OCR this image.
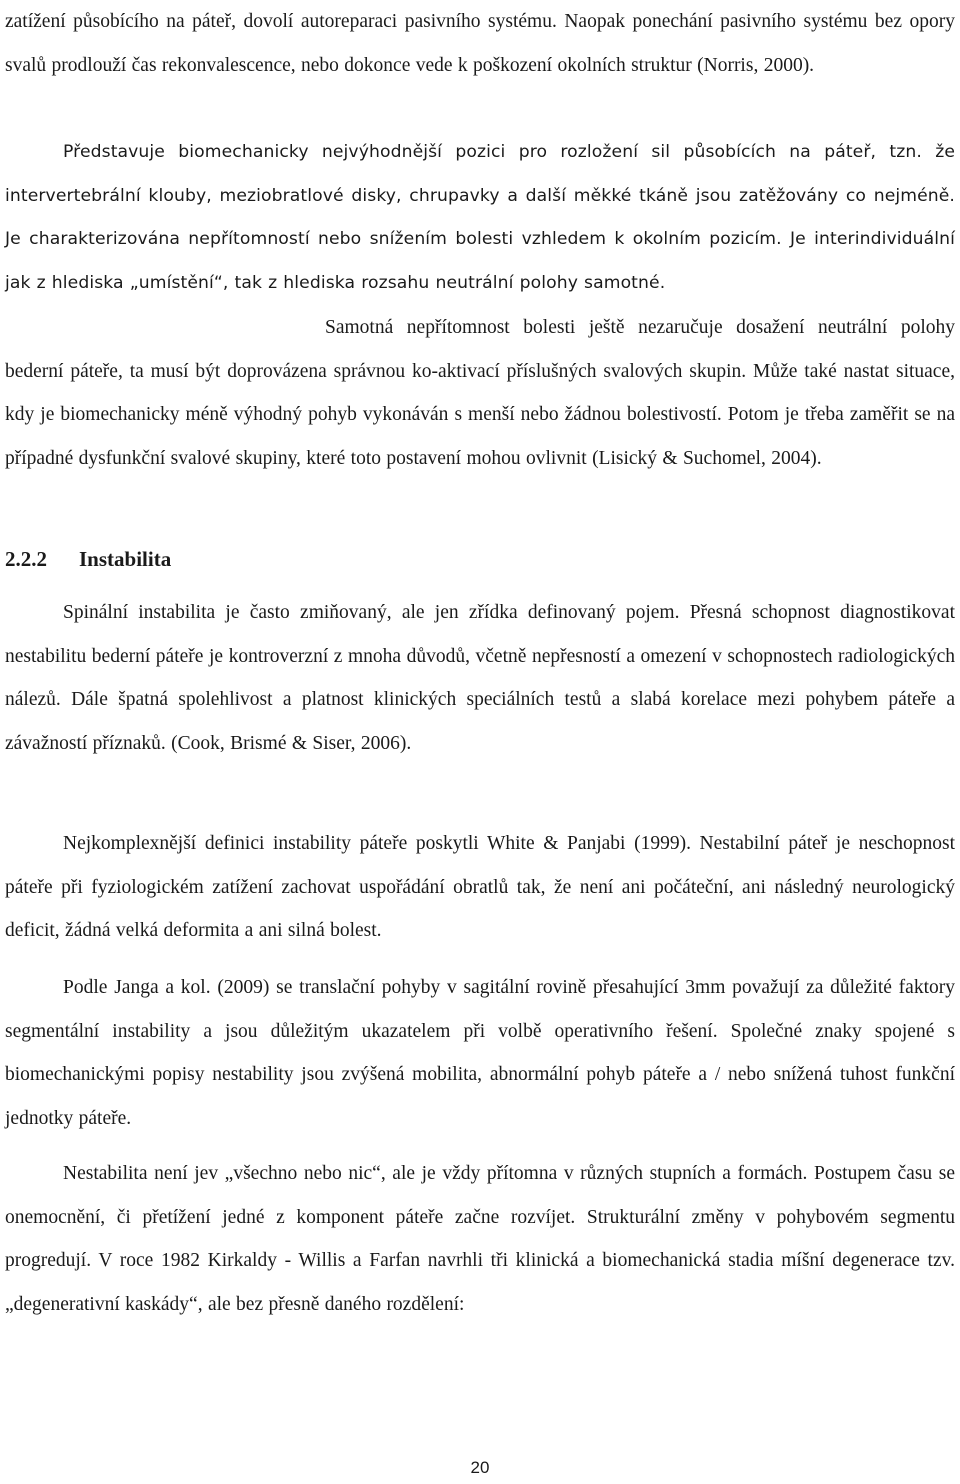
zatížení působícího na páteř, dovolí autoreparaci pasivního systému. Naopak ponechání pasivního systému bez opory svalů prodlouží čas rekonvalescence, nebo dokonce vede k poškození okolních struktur (Norris, 2000).

Představuje biomechanicky nejvýhodnější pozici pro rozložení sil působících na páteř, tzn. že intervertebrální klouby, meziobratlové disky, chrupavky a další měkké tkáně jsou zatěžovány co nejméně. Je charakterizována nepřítomností nebo snížením bolesti vzhledem k okolním pozicím. Je interindividuální jak z hlediska „umístění“, tak z hlediska rozsahu neutrální polohy samotné.

Samotná nepřítomnost bolesti ještě nezaručuje dosažení neutrální polohy bederní páteře, ta musí být doprovázena správnou ko-aktivací příslušných svalových skupin. Může také nastat situace, kdy je biomechanicky méně výhodný pohyb vykonáván s menší nebo žádnou bolestivostí. Potom je třeba zaměřit se na případné dysfunkční svalové skupiny, které toto postavení mohou ovlivnit (Lisický & Suchomel, 2004).

2.2.2 Instabilita

Spinální instabilita je často zmiňovaný, ale jen zřídka definovaný pojem. Přesná schopnost diagnostikovat nestabilitu bederní páteře je kontroverzní z mnoha důvodů, včetně nepřesností a omezení v schopnostech radiologických nálezů. Dále špatná spolehlivost a platnost klinických speciálních testů a slabá korelace mezi pohybem páteře a závažností příznaků. (Cook, Brismé & Siser, 2006).

Nejkomplexnější definici instability páteře poskytli White & Panjabi (1999). Nestabilní páteř je neschopnost páteře při fyziologickém zatížení zachovat uspořádání obratlů tak, že není ani počáteční, ani následný neurologický deficit, žádná velká deformita a ani silná bolest.

Podle Janga a kol. (2009) se translační pohyby v sagitální rovině přesahující 3mm považují za důležité faktory segmentální instability a jsou důležitým ukazatelem při volbě operativního řešení. Společné znaky spojené s biomechanickými popisy nestability jsou zvýšená mobilita, abnormální pohyb páteře a / nebo snížená tuhost funkční jednotky páteře.

Nestabilita není jev „všechno nebo nic“, ale je vždy přítomna v různých stupních a formách. Postupem času se onemocnění, či přetížení jedné z komponent páteře začne rozvíjet. Strukturální změny v pohybovém segmentu progredují. V roce 1982 Kirkaldy - Willis a Farfan navrhli tři klinická a biomechanická stadia míšní degenerace tzv. „degenerativní kaskády“, ale bez přesně daného rozdělení:

20
